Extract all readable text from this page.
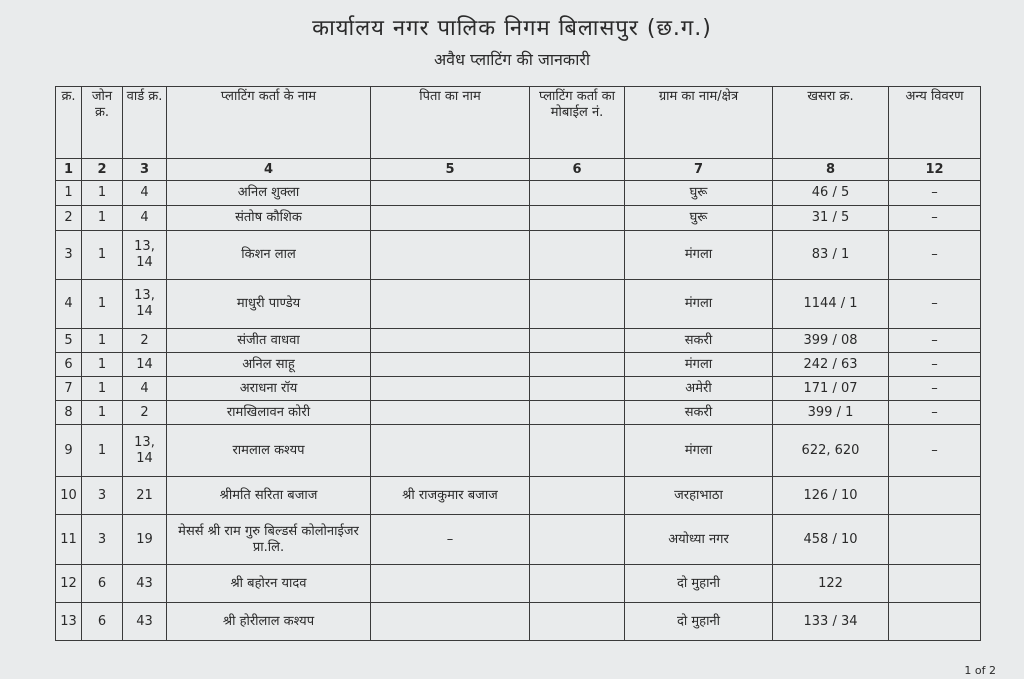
कार्यालय नगर पालिक निगम बिलासपुर (छ.ग.)
अवैध प्लाटिंग की जानकारी
क्र.	जोन क्र.	वार्ड क्र.	प्लाटिंग कर्ता के नाम	पिता का नाम	प्लाटिंग कर्ता का मोबाईल नं.	ग्राम का नाम/क्षेत्र	खसरा क्र.	अन्य विवरण
1	2	3	4	5	6	7	8	12
1	1	4	अनिल शुक्ला			घुरू	46 / 5	–
2	1	4	संतोष कौशिक			घुरू	31 / 5	–
3	1	13, 14	किशन लाल			मंगला	83 / 1	–
4	1	13, 14	माधुरी पाण्डेय			मंगला	1144 / 1	–
5	1	2	संजीत वाधवा			सकरी	399 / 08	–
6	1	14	अनिल साहू			मंगला	242 / 63	–
7	1	4	अराधना रॉय			अमेरी	171 / 07	–
8	1	2	रामखिलावन कोरी			सकरी	399 / 1	–
9	1	13, 14	रामलाल कश्यप			मंगला	622, 620	–
10	3	21	श्रीमति सरिता बजाज	श्री राजकुमार बजाज		जरहाभाठा	126 / 10	
11	3	19	मेसर्स श्री राम गुरु बिल्डर्स कोलोनाईजर प्रा.लि.	–		अयोध्या नगर	458 / 10	
12	6	43	श्री बहोरन यादव			दो मुहानी	122	
13	6	43	श्री होरीलाल कश्यप			दो मुहानी	133 / 34	
1 of 2
